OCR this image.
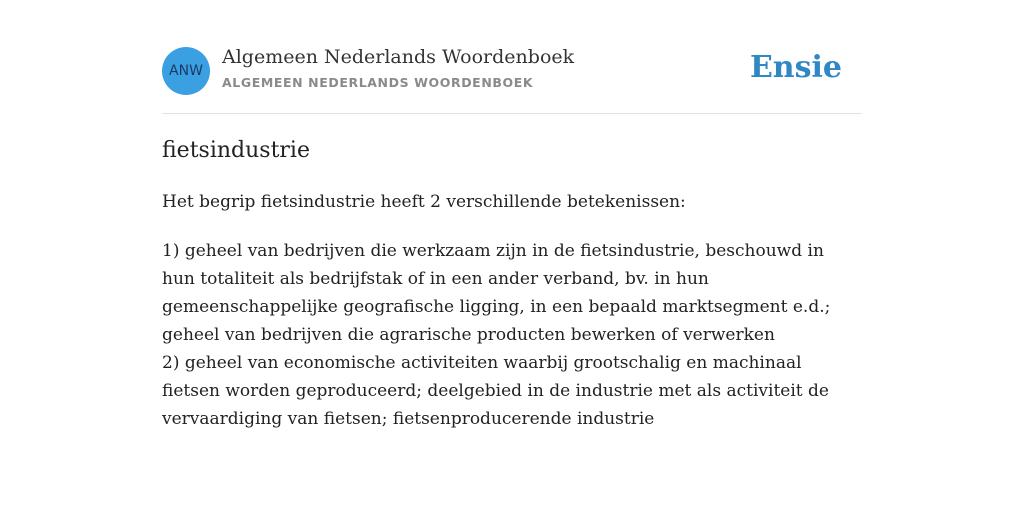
ANW
Algemeen Nederlands Woordenboek
ALGEMEEN NEDERLANDS WOORDENBOEK	Ensie
fietsindustrie

Het begrip fietsindustrie heeft 2 verschillende betekenissen:

1) geheel van bedrijven die werkzaam zijn in de fietsindustrie, beschouwd in hun totaliteit als bedrijfstak of in een ander verband, bv. in hun gemeenschappelijke geografische ligging, in een bepaald marktsegment e.d.; geheel van bedrijven die agrarische producten bewerken of verwerken

2) geheel van economische activiteiten waarbij grootschalig en machinaal fietsen worden geproduceerd; deelgebied in de industrie met als activiteit de vervaardiging van fietsen; fietsenproducerende industrie
